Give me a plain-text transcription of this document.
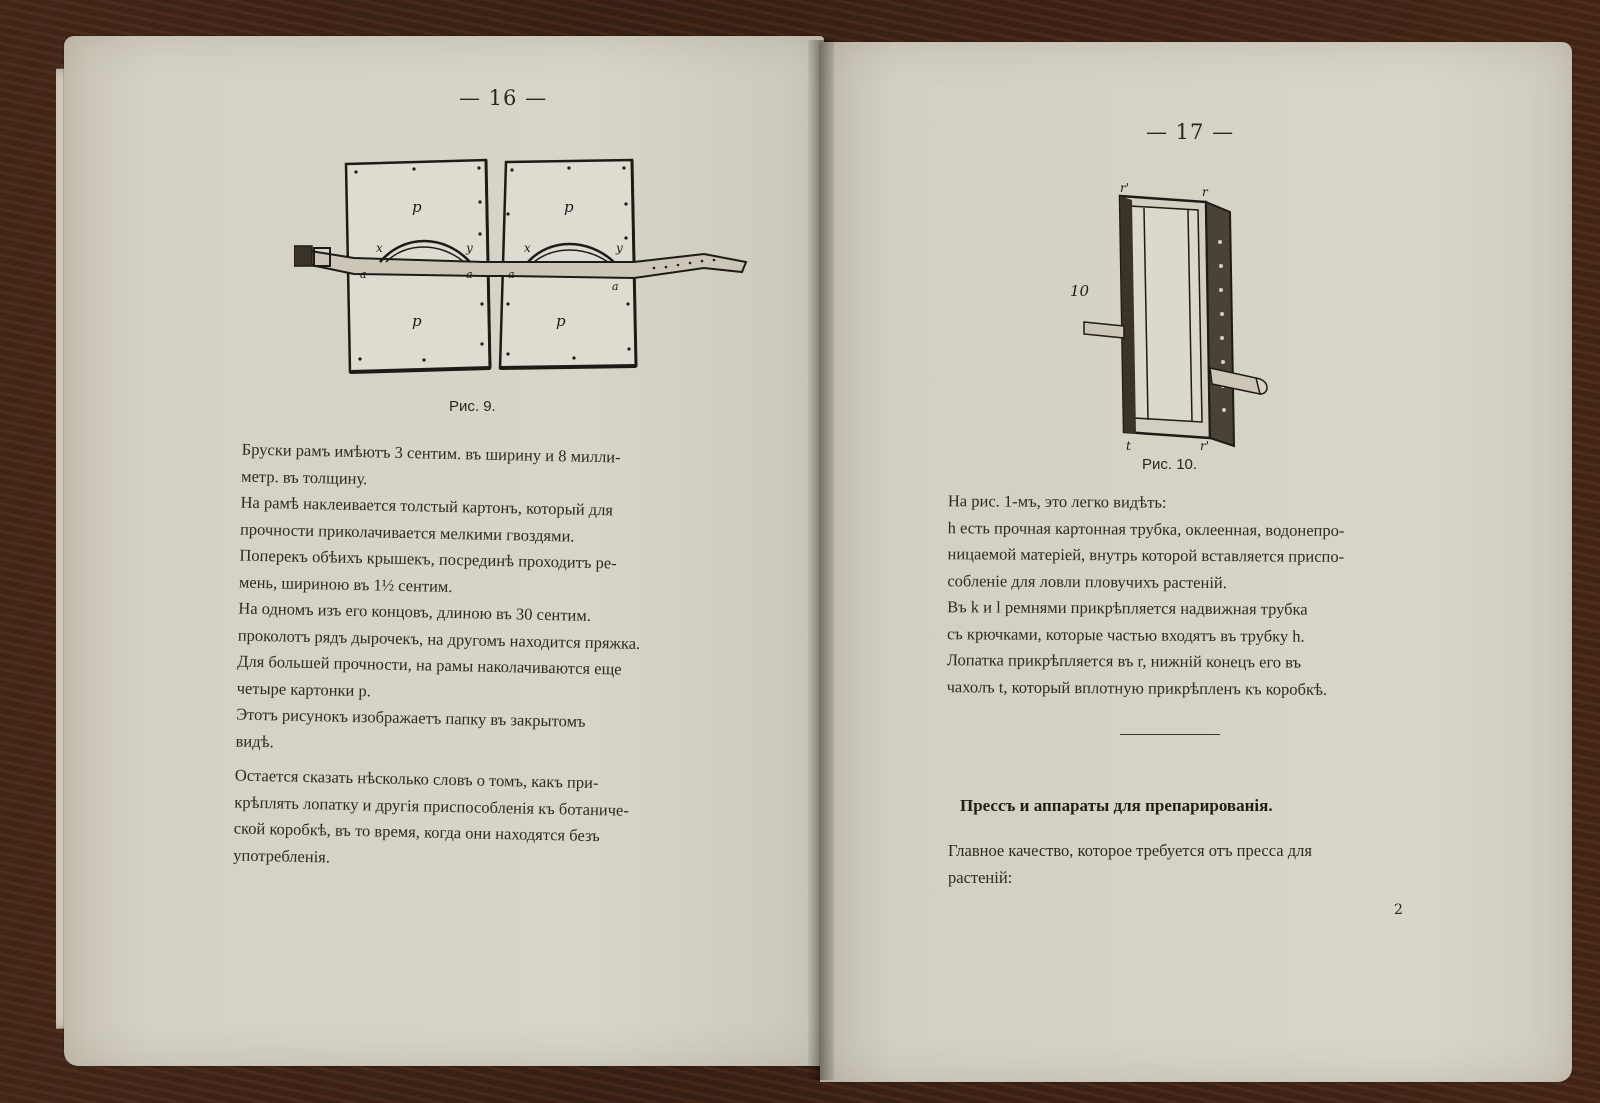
— 16 —
p	p
p	p
x	y	x	y
a	a	a
a
Рис. 9.

Бруски рамъ имѣютъ 3 сентим. въ ширину и 8 милли-
метр. въ толщину.

На рамѣ наклеивается толстый картонъ, который для
прочности приколачивается мелкими гвоздями.

Поперекъ обѣихъ крышекъ, посрединѣ проходитъ ре-
мень, шириною въ 1½ сентим.

На одномъ изъ его концовъ, длиною въ 30 сентим.
проколотъ рядъ дырочекъ, на другомъ находится пряжка.

Для большей прочности, на рамы наколачиваются еще
четыре картонки p.

Этотъ рисунокъ изображаетъ папку въ закрытомъ
видѣ.

Остается сказать нѣсколько словъ о томъ, какъ при-
крѣплять лопатку и другія приспособленія къ ботаниче-
ской коробкѣ, въ то время, когда они находятся безъ
употребленія.

— 17 —
r'	r
t	r'
10
Рис. 10.

На рис. 1-мъ, это легко видѣть:

h есть прочная картонная трубка, оклеенная, водонепро-
ницаемой матеріей, внутрь которой вставляется приспо-
собленіе для ловли пловучихъ растеній.

Въ k и l ремнями прикрѣпляется надвижная трубка
съ крючками, которые частью входятъ въ трубку h.

Лопатка прикрѣпляется въ r, нижній конецъ его въ
чахолъ t, который вплотную прикрѣпленъ къ коробкѣ.

Прессъ и аппараты для препарированія.

Главное качество, которое требуется отъ пресса для
растеній:

2
